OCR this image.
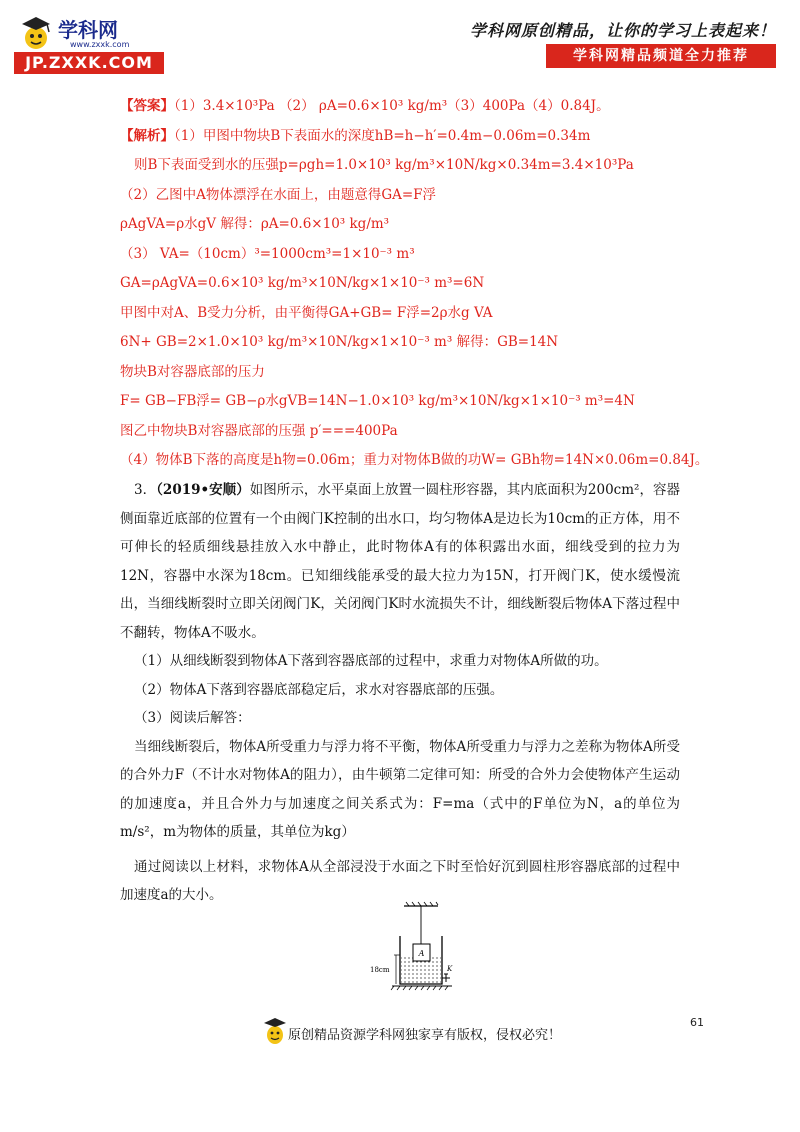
学科网
www.zxxk.com
JP.ZXXK.COM
学科网原创精品，让你的学习上表起来！
学科网精品频道全力推荐

【答案】（1）3.4×10³Pa （2） ρA=0.6×10³ kg/m³（3）400Pa（4）0.84J。

【解析】（1）甲图中物块B下表面水的深度hB=h−h′=0.4m−0.06m=0.34m

则B下表面受到水的压强p=ρgh=1.0×10³ kg/m³×10N/kg×0.34m=3.4×10³Pa

（2）乙图中A物体漂浮在水面上，由题意得GA=F浮

ρAgVA=ρ水gV 解得：ρA=0.6×10³ kg/m³

（3） VA=（10cm）³=1000cm³=1×10⁻³ m³

GA=ρAgVA=0.6×10³ kg/m³×10N/kg×1×10⁻³ m³=6N

甲图中对A、B受力分析，由平衡得GA+GB= F浮=2ρ水g VA

6N+ GB=2×1.0×10³ kg/m³×10N/kg×1×10⁻³ m³ 解得：GB=14N

物块B对容器底部的压力

F= GB−FB浮= GB−ρ水gVB=14N−1.0×10³ kg/m³×10N/kg×1×10⁻³ m³=4N

图乙中物块B对容器底部的压强 p′===400Pa

（4）物体B下落的高度是h物=0.06m；重力对物体B做的功W= GBh物=14N×0.06m=0.84J。

3．（2019•安顺）如图所示，水平桌面上放置一圆柱形容器，其内底面积为200cm²，容器侧面靠近底部的位置有一个由阀门K控制的出水口，均匀物体A是边长为10cm的正方体，用不可伸长的轻质细线悬挂放入水中静止，此时物体A有的体积露出水面，细线受到的拉力为12N，容器中水深为18cm。已知细线能承受的最大拉力为15N，打开阀门K，使水缓慢流出，当细线断裂时立即关闭阀门K，关闭阀门K时水流损失不计，细线断裂后物体A下落过程中不翻转，物体A不吸水。

（1）从细线断裂到物体A下落到容器底部的过程中，求重力对物体A所做的功。

（2）物体A下落到容器底部稳定后，求水对容器底部的压强。

（3）阅读后解答：

当细线断裂后，物体A所受重力与浮力将不平衡，物体A所受重力与浮力之差称为物体A所受的合外力F（不计水对物体A的阻力），由牛顿第二定律可知：所受的合外力会使物体产生运动的加速度a，并且合外力与加速度之间关系式为：F=ma（式中的F单位为N，a的单位为m/s²，m为物体的质量，其单位为kg）

通过阅读以上材料，求物体A从全部浸没于水面之下时至恰好沉到圆柱形容器底部的过程中加速度a的大小。

A
K
18cm
原创精品资源学科网独家享有版权，侵权必究！
61
